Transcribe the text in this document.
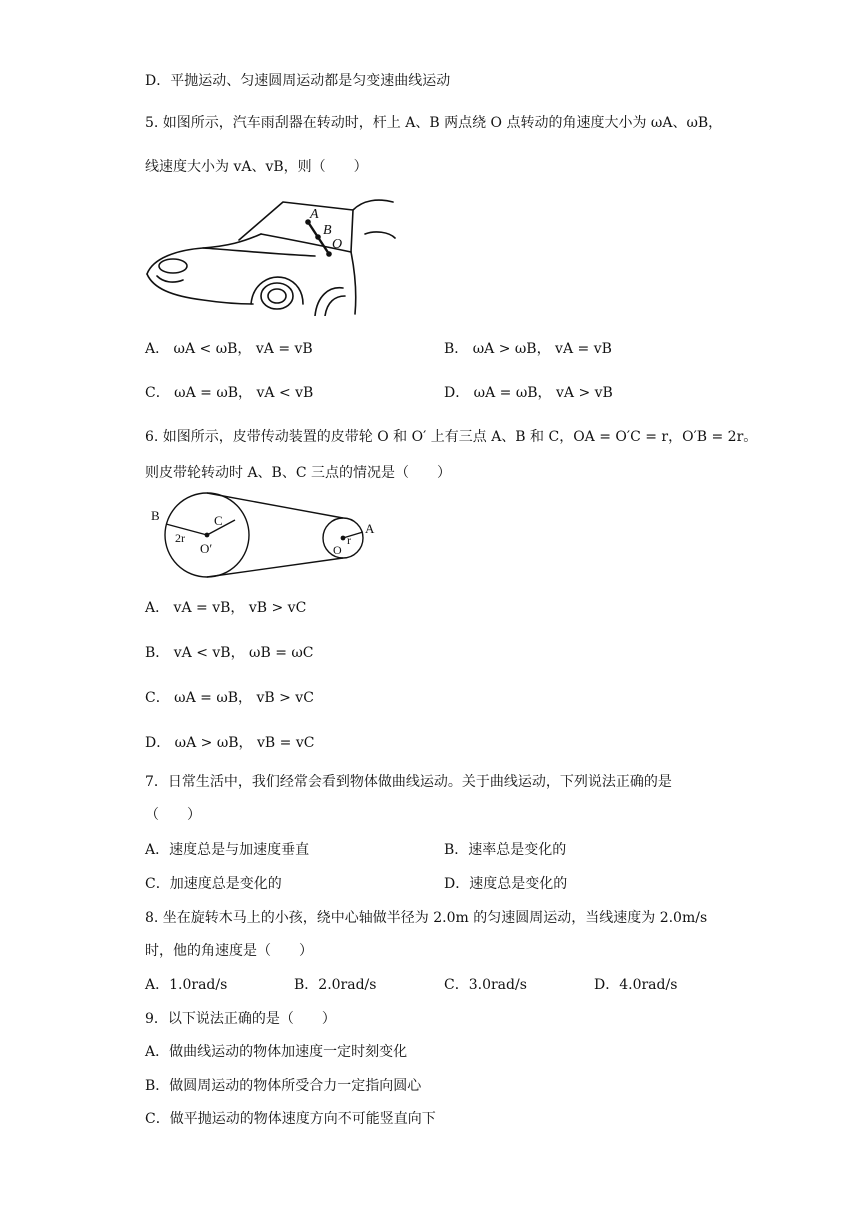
D．平抛运动、匀速圆周运动都是匀变速曲线运动
5. 如图所示，汽车雨刮器在转动时，杆上 A、B 两点绕 O 点转动的角速度大小为 ωA、ωB，
线速度大小为 vA、vB，则（　　）
A
B
O
A． ωA < ωB， vA = vB	B． ωA > ωB， vA = vB
C． ωA = ωB， vA < vB	D． ωA = ωB， vA > vB
6. 如图所示，皮带传动装置的皮带轮 O 和 O′ 上有三点 A、B 和 C，OA = O′C = r，O′B = 2r。
则皮带轮转动时 A、B、C 三点的情况是（　　）
B	C
2r
O′	O
r
A
A． vA = vB， vB > vC
B． vA < vB， ωB = ωC
C． ωA = ωB， vB > vC
D． ωA > ωB， vB = vC
7．日常生活中，我们经常会看到物体做曲线运动。关于曲线运动，下列说法正确的是
（　　）
A．速度总是与加速度垂直	B．速率总是变化的
C．加速度总是变化的	D．速度总是变化的
8. 坐在旋转木马上的小孩，绕中心轴做半径为 2.0m 的匀速圆周运动，当线速度为 2.0m/s
时，他的角速度是（　　）
A．1.0rad/s	B．2.0rad/s	C．3.0rad/s	D．4.0rad/s
9．以下说法正确的是（　　）
A．做曲线运动的物体加速度一定时刻变化
B．做圆周运动的物体所受合力一定指向圆心
C．做平抛运动的物体速度方向不可能竖直向下
